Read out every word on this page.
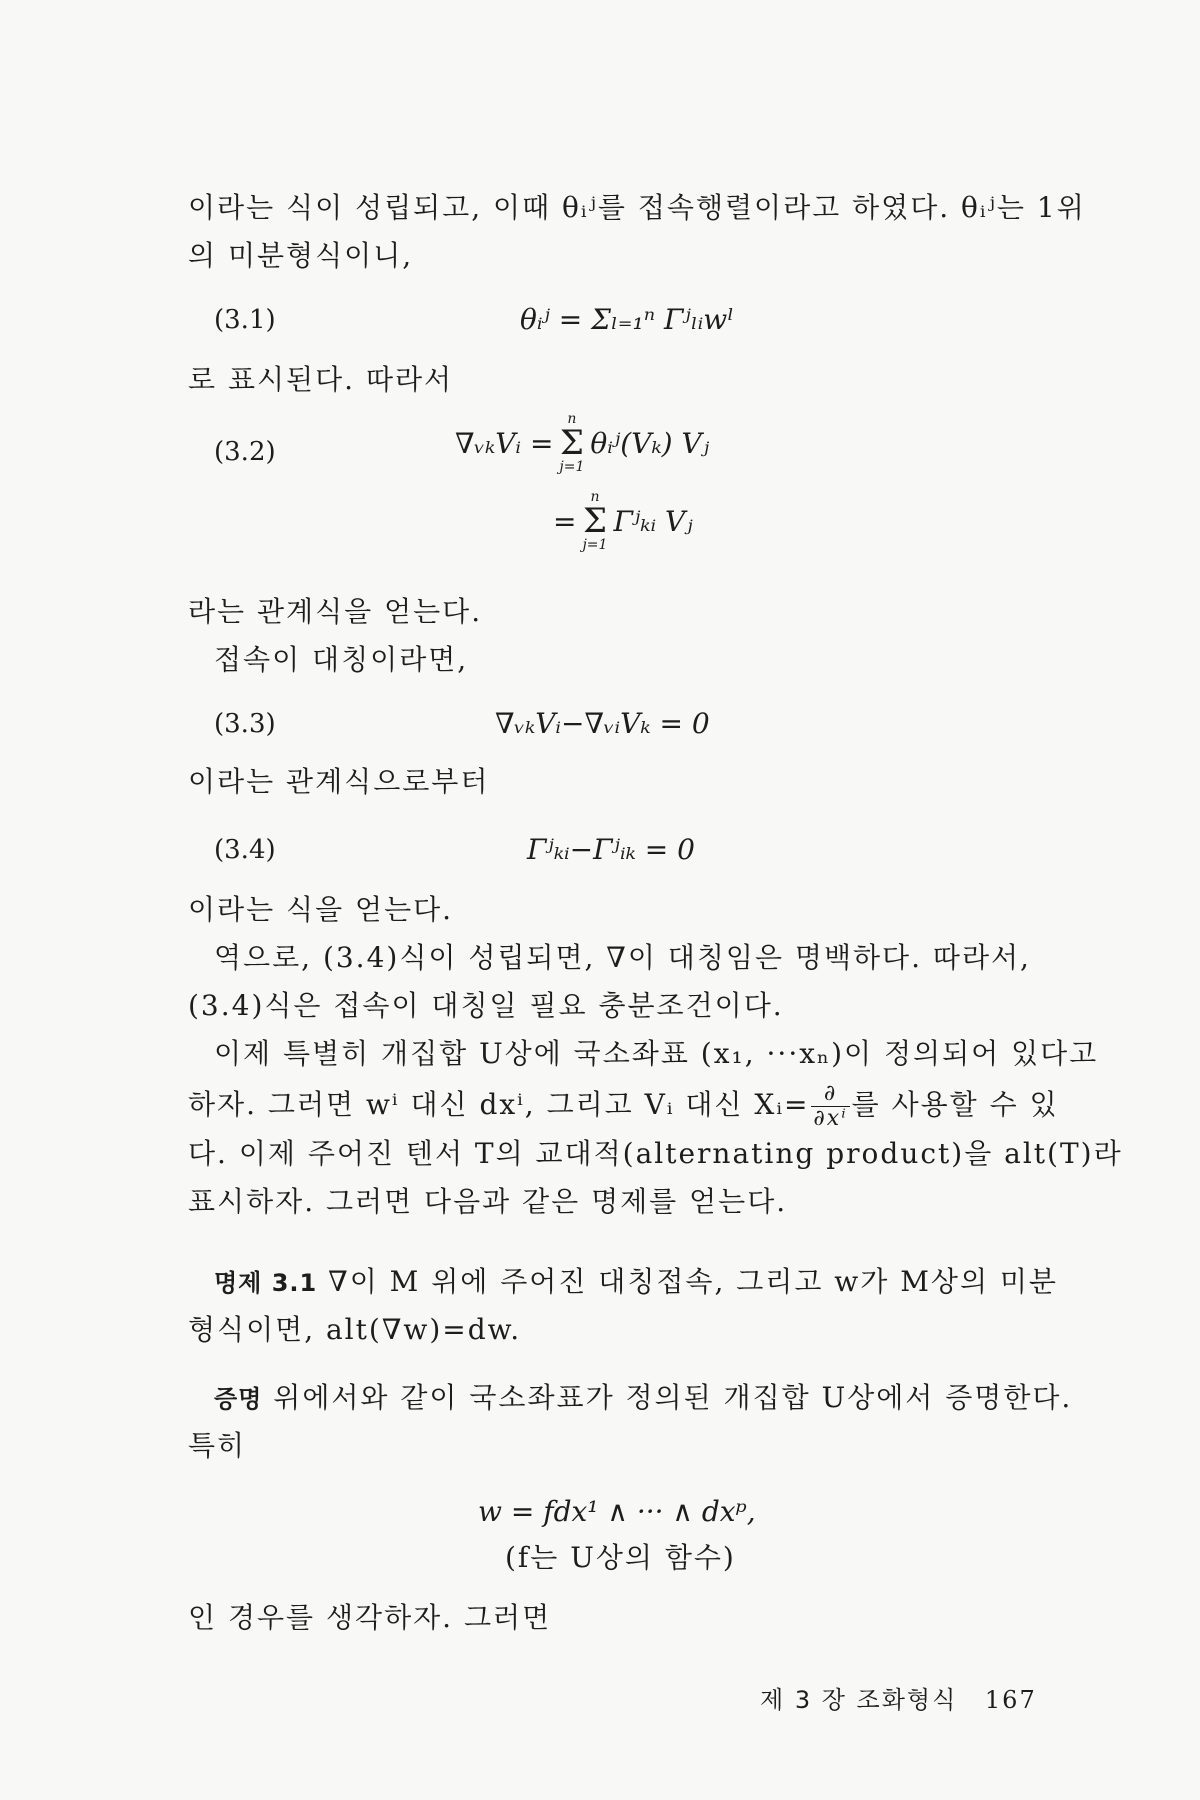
이라는 식이 성립되고, 이때 θᵢʲ를 접속행렬이라고 하였다. θᵢʲ는 1위
의 미분형식이니,
(3.1)	θᵢʲ = Σₗ₌₁ⁿ Γʲₗᵢwˡ
로 표시된다. 따라서
(3.2)	∇ᵥₖVᵢ =
n
Σ
j=1
θᵢʲ(Vₖ) Vⱼ
=
n
Σ
j=1
Γʲₖᵢ Vⱼ
라는 관계식을 얻는다.
접속이 대칭이라면,
(3.3)	∇ᵥₖVᵢ−∇ᵥᵢVₖ = 0
이라는 관계식으로부터
(3.4)	Γʲₖᵢ−Γʲᵢₖ = 0
이라는 식을 얻는다.
역으로, (3.4)식이 성립되면, ∇이 대칭임은 명백하다. 따라서,
(3.4)식은 접속이 대칭일 필요 충분조건이다.
이제 특별히 개집합 U상에 국소좌표 (x₁, ···xₙ)이 정의되어 있다고
하자. 그러면 wⁱ 대신 dxⁱ, 그리고 Vᵢ 대신 Xᵢ= $\frac{\partial}{\text{∂xⁱ}}$ 를 사용할 수 있
다. 이제 주어진 텐서 T의 교대적(alternating product)을 alt(T)라
표시하자. 그러면 다음과 같은 명제를 얻는다.
명제 3.1 ∇이 M 위에 주어진 대칭접속, 그리고 w가 M상의 미분
형식이면, alt(∇w)=dw.
증명 위에서와 같이 국소좌표가 정의된 개집합 U상에서 증명한다.
특히
w = fdx¹ ∧ ··· ∧ dxᵖ,
(f는 U상의 함수)
인 경우를 생각하자. 그러면
제 3 장 조화형식 167
